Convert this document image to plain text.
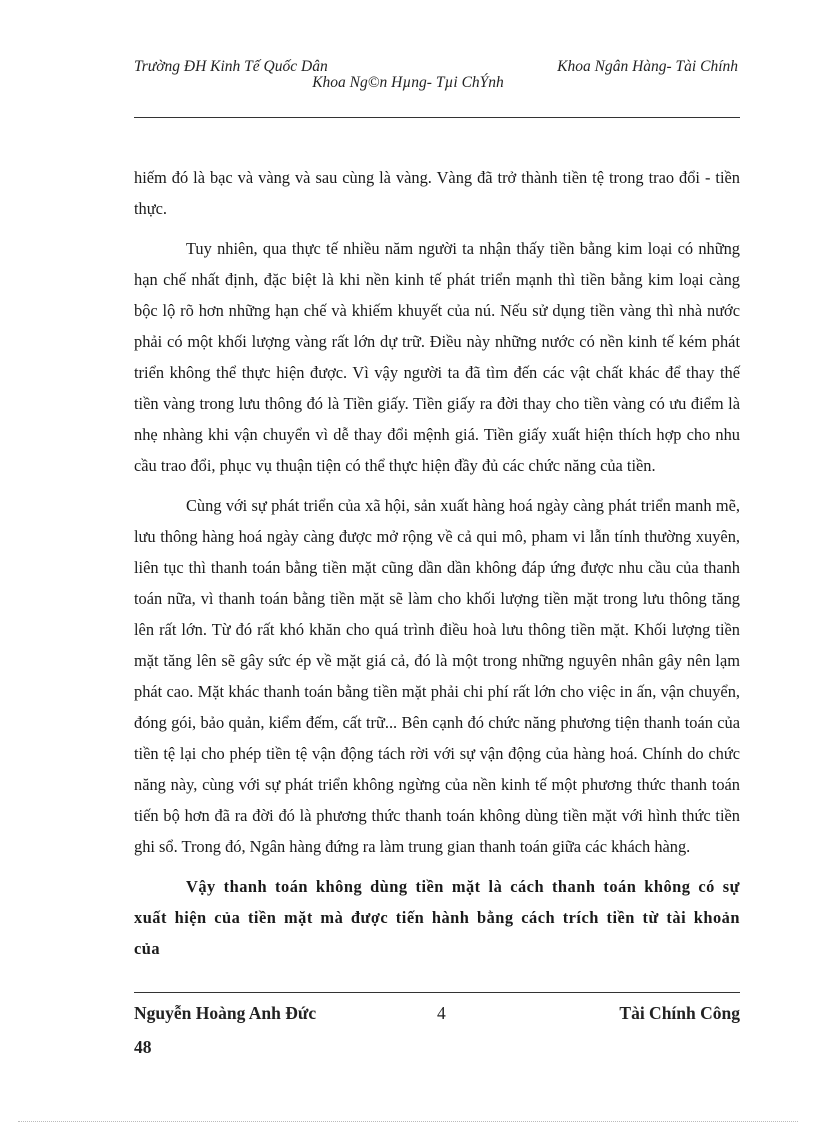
Trường ĐH Kinh Tế Quốc Dân	Khoa Ngân Hàng- Tài Chính
Khoa Ng©n Hµng- Tµi ChÝnh

hiếm đó là bạc và vàng và sau cùng là vàng. Vàng đã trở thành tiền tệ trong trao đổi - tiền thực.

Tuy nhiên, qua thực tế nhiều năm người ta nhận thấy tiền bằng kim loại có những hạn chế nhất định, đặc biệt là khi nền kinh tế phát triển mạnh thì tiền bằng kim loại càng bộc lộ rõ hơn những hạn chế và khiếm khuyết của nú. Nếu sử dụng tiền vàng thì nhà nước phải có một khối lượng vàng rất lớn dự trữ. Điều này những nước có nền kinh tế kém phát triển không thể thực hiện được. Vì vậy người ta đã tìm đến các vật chất khác để thay thế tiền vàng trong lưu thông đó là Tiền giấy. Tiền giấy ra đời thay cho tiền vàng có ưu điểm là nhẹ nhàng khi vận chuyển vì dễ thay đổi mệnh giá. Tiền giấy xuất hiện thích hợp cho nhu cầu trao đổi, phục vụ thuận tiện có thể thực hiện đầy đủ các chức năng của tiền.

Cùng với sự phát triển của xã hội, sản xuất hàng hoá ngày càng phát triển manh mẽ, lưu thông hàng hoá ngày càng được mở rộng về cả qui mô, pham vi lẫn tính thường xuyên, liên tục thì thanh toán bằng tiền mặt cũng dần dần không đáp ứng được nhu cầu của thanh toán nữa, vì thanh toán bằng tiền mặt sẽ làm cho khối lượng tiền mặt trong lưu thông tăng lên rất lớn. Từ đó rất khó khăn cho quá trình điều hoà lưu thông tiền mặt. Khối lượng tiền mặt tăng lên sẽ gây sức ép về mặt giá cả, đó là một trong những nguyên nhân gây nên lạm phát cao. Mặt khác thanh toán bằng tiền mặt phải chi phí rất lớn cho việc in ấn, vận chuyển, đóng gói, bảo quản, kiểm đếm, cất trữ... Bên cạnh đó chức năng phương tiện thanh toán của tiền tệ lại cho phép tiền tệ vận động tách rời với sự vận động của hàng hoá. Chính do chức năng này, cùng với sự phát triển không ngừng của nền kinh tế một phương thức thanh toán tiến bộ hơn đã ra đời đó là phương thức thanh toán không dùng tiền mặt với hình thức tiền ghi sổ. Trong đó, Ngân hàng đứng ra làm trung gian thanh toán giữa các khách hàng.

Vậy thanh toán không dùng tiền mặt là cách thanh toán không có sự xuất hiện của tiền mặt mà được tiến hành bằng cách trích tiền từ tài khoản của

Nguyễn Hoàng Anh Đức	4	Tài Chính Công
48
